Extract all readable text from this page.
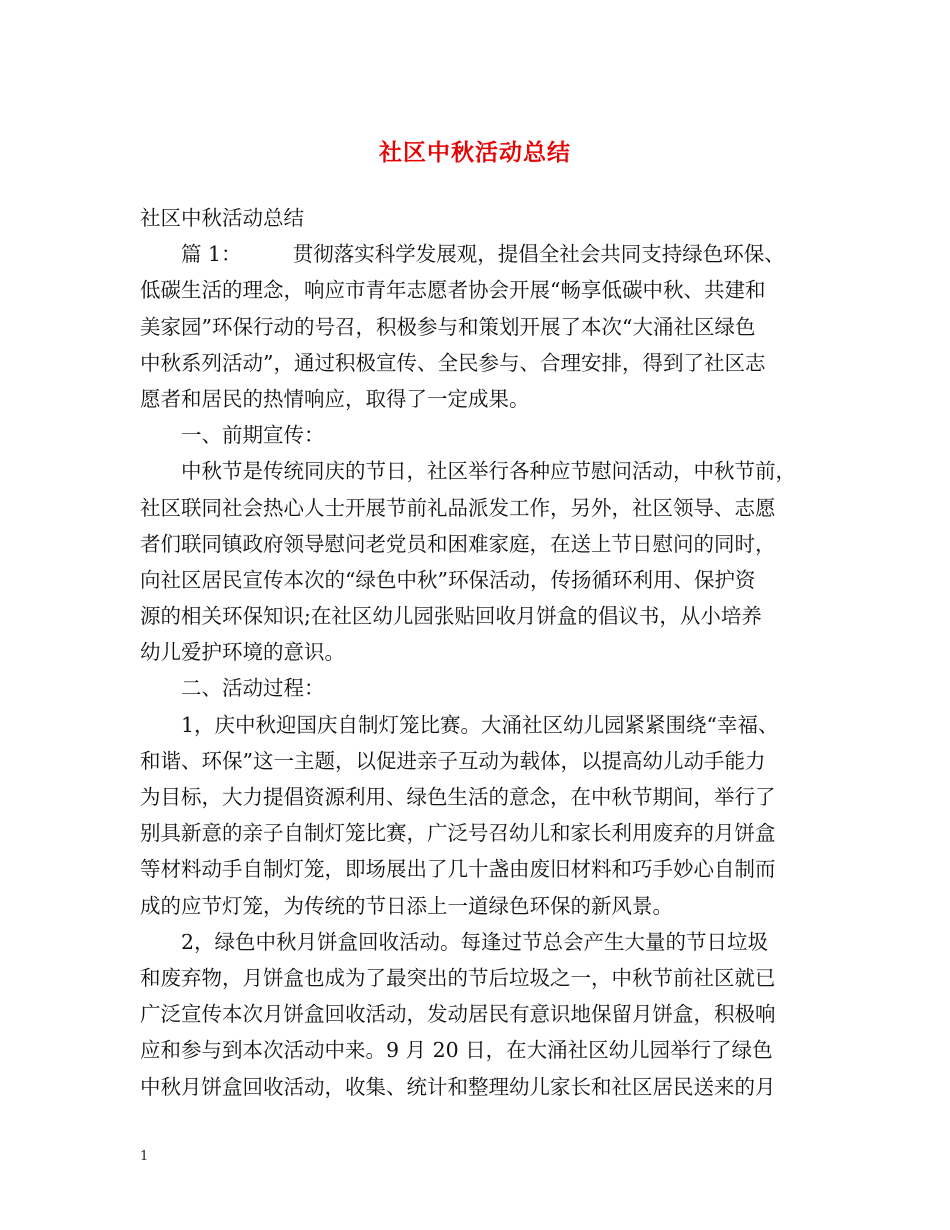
社区中秋活动总结
社区中秋活动总结
篇 1：　　　贯彻落实科学发展观，提倡全社会共同支持绿色环保、
低碳生活的理念，响应市青年志愿者协会开展“畅享低碳中秋、共建和
美家园”环保行动的号召，积极参与和策划开展了本次“大涌社区绿色
中秋系列活动”，通过积极宣传、全民参与、合理安排，得到了社区志
愿者和居民的热情响应，取得了一定成果。
一、前期宣传：
中秋节是传统同庆的节日，社区举行各种应节慰问活动，中秋节前，
社区联同社会热心人士开展节前礼品派发工作，另外，社区领导、志愿
者们联同镇政府领导慰问老党员和困难家庭，在送上节日慰问的同时，
向社区居民宣传本次的“绿色中秋”环保活动，传扬循环利用、保护资
源的相关环保知识;在社区幼儿园张贴回收月饼盒的倡议书，从小培养
幼儿爱护环境的意识。
二、活动过程：
1，庆中秋迎国庆自制灯笼比赛。大涌社区幼儿园紧紧围绕“幸福、
和谐、环保”这一主题，以促进亲子互动为载体，以提高幼儿动手能力
为目标，大力提倡资源利用、绿色生活的意念，在中秋节期间，举行了
别具新意的亲子自制灯笼比赛，广泛号召幼儿和家长利用废弃的月饼盒
等材料动手自制灯笼，即场展出了几十盏由废旧材料和巧手妙心自制而
成的应节灯笼，为传统的节日添上一道绿色环保的新风景。
2，绿色中秋月饼盒回收活动。每逢过节总会产生大量的节日垃圾
和废弃物，月饼盒也成为了最突出的节后垃圾之一，中秋节前社区就已
广泛宣传本次月饼盒回收活动，发动居民有意识地保留月饼盒，积极响
应和参与到本次活动中来。9 月 20 日，在大涌社区幼儿园举行了绿色
中秋月饼盒回收活动，收集、统计和整理幼儿家长和社区居民送来的月
1
